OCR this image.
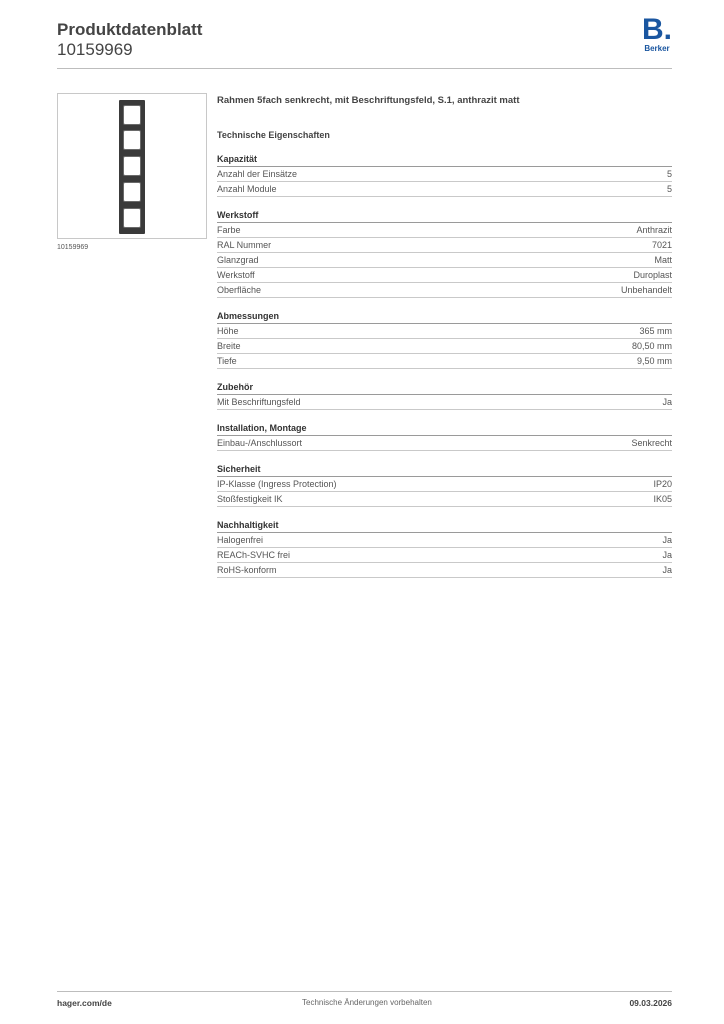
Produktdatenblatt
10159969
B.
Berker
10159969
Rahmen 5fach senkrecht, mit Beschriftungsfeld, S.1, anthrazit matt
Technische Eigenschaften
Kapazität
Anzahl der Einsätze	5
Anzahl Module	5
Werkstoff
Farbe	Anthrazit
RAL Nummer	7021
Glanzgrad	Matt
Werkstoff	Duroplast
Oberfläche	Unbehandelt
Abmessungen
Höhe	365 mm
Breite	80,50 mm
Tiefe	9,50 mm
Zubehör
Mit Beschriftungsfeld	Ja
Installation, Montage
Einbau-/Anschlussort	Senkrecht
Sicherheit
IP-Klasse (Ingress Protection)	IP20
Stoßfestigkeit IK	IK05
Nachhaltigkeit
Halogenfrei	Ja
REACh-SVHC frei	Ja
RoHS-konform	Ja
hager.com/de	Technische Änderungen vorbehalten	09.03.2026
